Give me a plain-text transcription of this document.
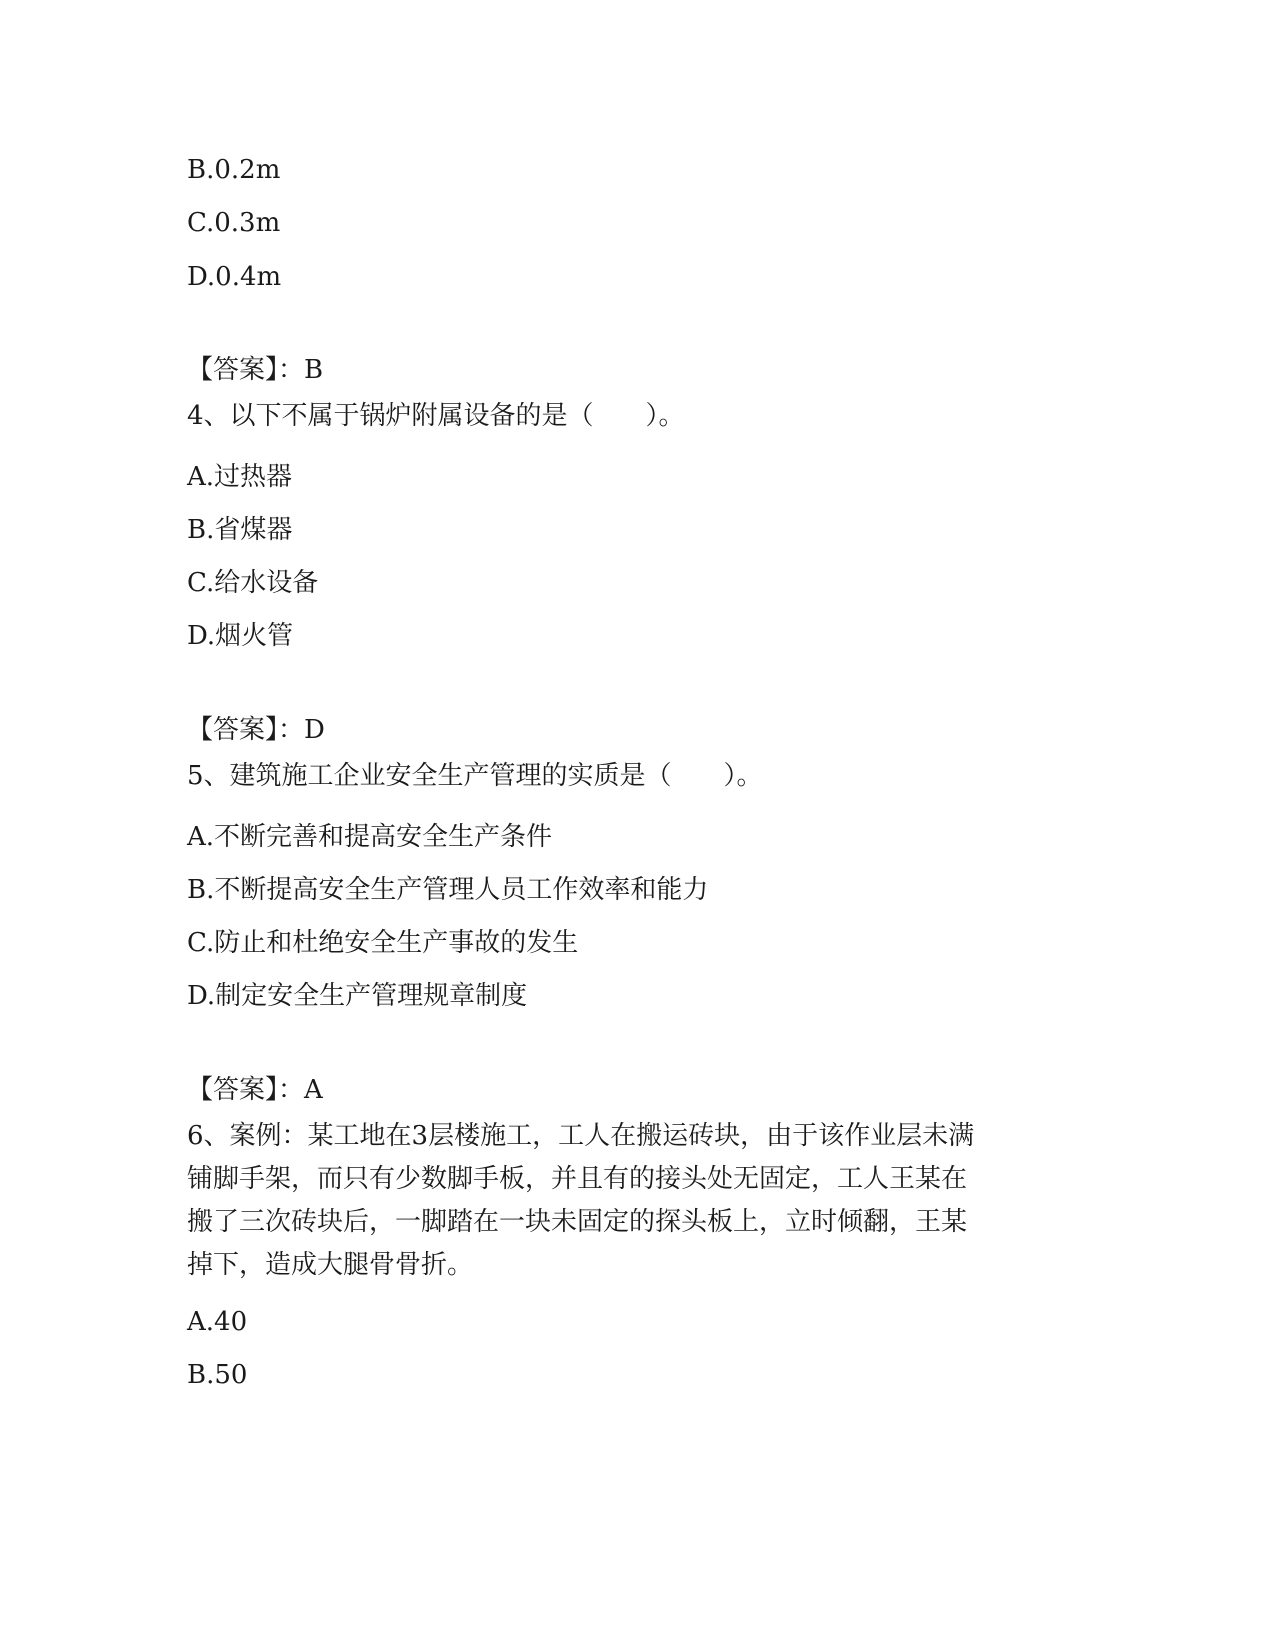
B.0.2m
C.0.3m
D.0.4m
【答案】：B
4、以下不属于锅炉附属设备的是（　　）。
A.过热器
B.省煤器
C.给水设备
D.烟火管
【答案】：D
5、建筑施工企业安全生产管理的实质是（　　）。
A.不断完善和提高安全生产条件
B.不断提高安全生产管理人员工作效率和能力
C.防止和杜绝安全生产事故的发生
D.制定安全生产管理规章制度
【答案】：A
6、案例：某工地在3层楼施工，工人在搬运砖块，由于该作业层未满
铺脚手架，而只有少数脚手板，并且有的接头处无固定，工人王某在
搬了三次砖块后，一脚踏在一块未固定的探头板上，立时倾翻，王某
掉下，造成大腿骨骨折。
A.40
B.50
